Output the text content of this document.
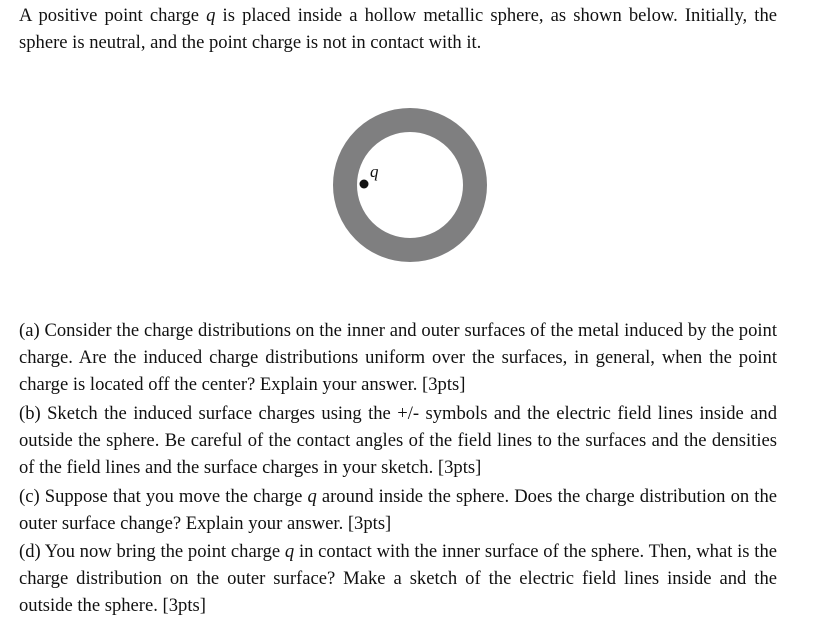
A positive point charge q is placed inside a hollow metallic sphere, as shown below. Initially, the sphere is neutral, and the point charge is not in contact with it.

q

(a) Consider the charge distributions on the inner and outer surfaces of the metal induced by the point charge. Are the induced charge distributions uniform over the surfaces, in general, when the point charge is located off the center? Explain your answer. [3pts]

(b) Sketch the induced surface charges using the +/- symbols and the electric field lines inside and outside the sphere. Be careful of the contact angles of the field lines to the surfaces and the densities of the field lines and the surface charges in your sketch. [3pts]

(c) Suppose that you move the charge q around inside the sphere. Does the charge distribution on the outer surface change? Explain your answer. [3pts]

(d) You now bring the point charge q in contact with the inner surface of the sphere. Then, what is the charge distribution on the outer surface? Make a sketch of the electric field lines inside and the outside the sphere. [3pts]
